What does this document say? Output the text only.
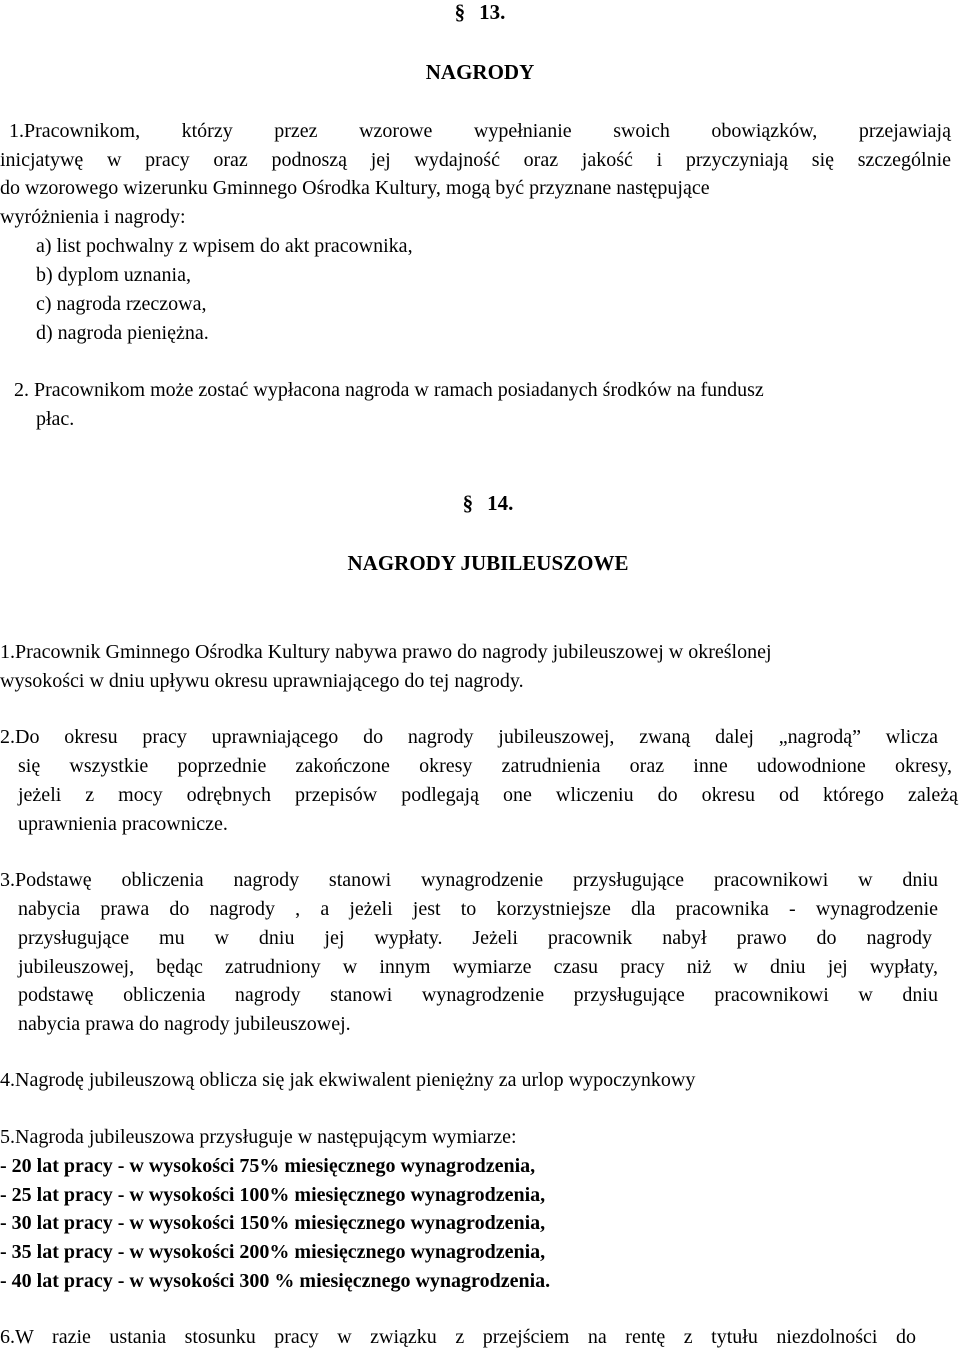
§ 13.
NAGRODY
1.Pracownikom, którzy przez wzorowe wypełnianie swoich obowiązków, przejawiają
inicjatywę w pracy oraz podnoszą jej wydajność oraz jakość i przyczyniają się szczególnie
do wzorowego wizerunku Gminnego Ośrodka Kultury, mogą być przyznane następujące
wyróżnienia i nagrody:
a) list pochwalny z wpisem do akt pracownika,
b) dyplom uznania,
c) nagroda rzeczowa,
d) nagroda pieniężna.
2. Pracownikom może zostać wypłacona nagroda w ramach posiadanych środków na fundusz
płac.
§ 14.
NAGRODY JUBILEUSZOWE
1.Pracownik Gminnego Ośrodka Kultury nabywa prawo do nagrody jubileuszowej w określonej
wysokości w dniu upływu okresu uprawniającego do tej nagrody.
2.Do okresu pracy uprawniającego do nagrody jubileuszowej, zwaną dalej „nagrodą” wlicza
się wszystkie poprzednie zakończone okresy zatrudnienia oraz inne udowodnione okresy,
jeżeli z mocy odrębnych przepisów podlegają one wliczeniu do okresu od którego zależą
uprawnienia pracownicze.
3.Podstawę obliczenia nagrody stanowi wynagrodzenie przysługujące pracownikowi w dniu
nabycia prawa do nagrody , a jeżeli jest to korzystniejsze dla pracownika - wynagrodzenie
przysługujące mu w dniu jej wypłaty. Jeżeli pracownik nabył prawo do nagrody
jubileuszowej, będąc zatrudniony w innym wymiarze czasu pracy niż w dniu jej wypłaty,
podstawę obliczenia nagrody stanowi wynagrodzenie przysługujące pracownikowi w dniu
nabycia prawa do nagrody jubileuszowej.
4.Nagrodę jubileuszową oblicza się jak ekwiwalent pieniężny za urlop wypoczynkowy
5.Nagroda jubileuszowa przysługuje w następującym wymiarze:
- 20 lat pracy - w wysokości 75% miesięcznego wynagrodzenia,
- 25 lat pracy - w wysokości 100% miesięcznego wynagrodzenia,
- 30 lat pracy - w wysokości 150% miesięcznego wynagrodzenia,
- 35 lat pracy - w wysokości 200% miesięcznego wynagrodzenia,
- 40 lat pracy - w wysokości 300 % miesięcznego wynagrodzenia.
6.W razie ustania stosunku pracy w związku z przejściem na rentę z tytułu niezdolności do
